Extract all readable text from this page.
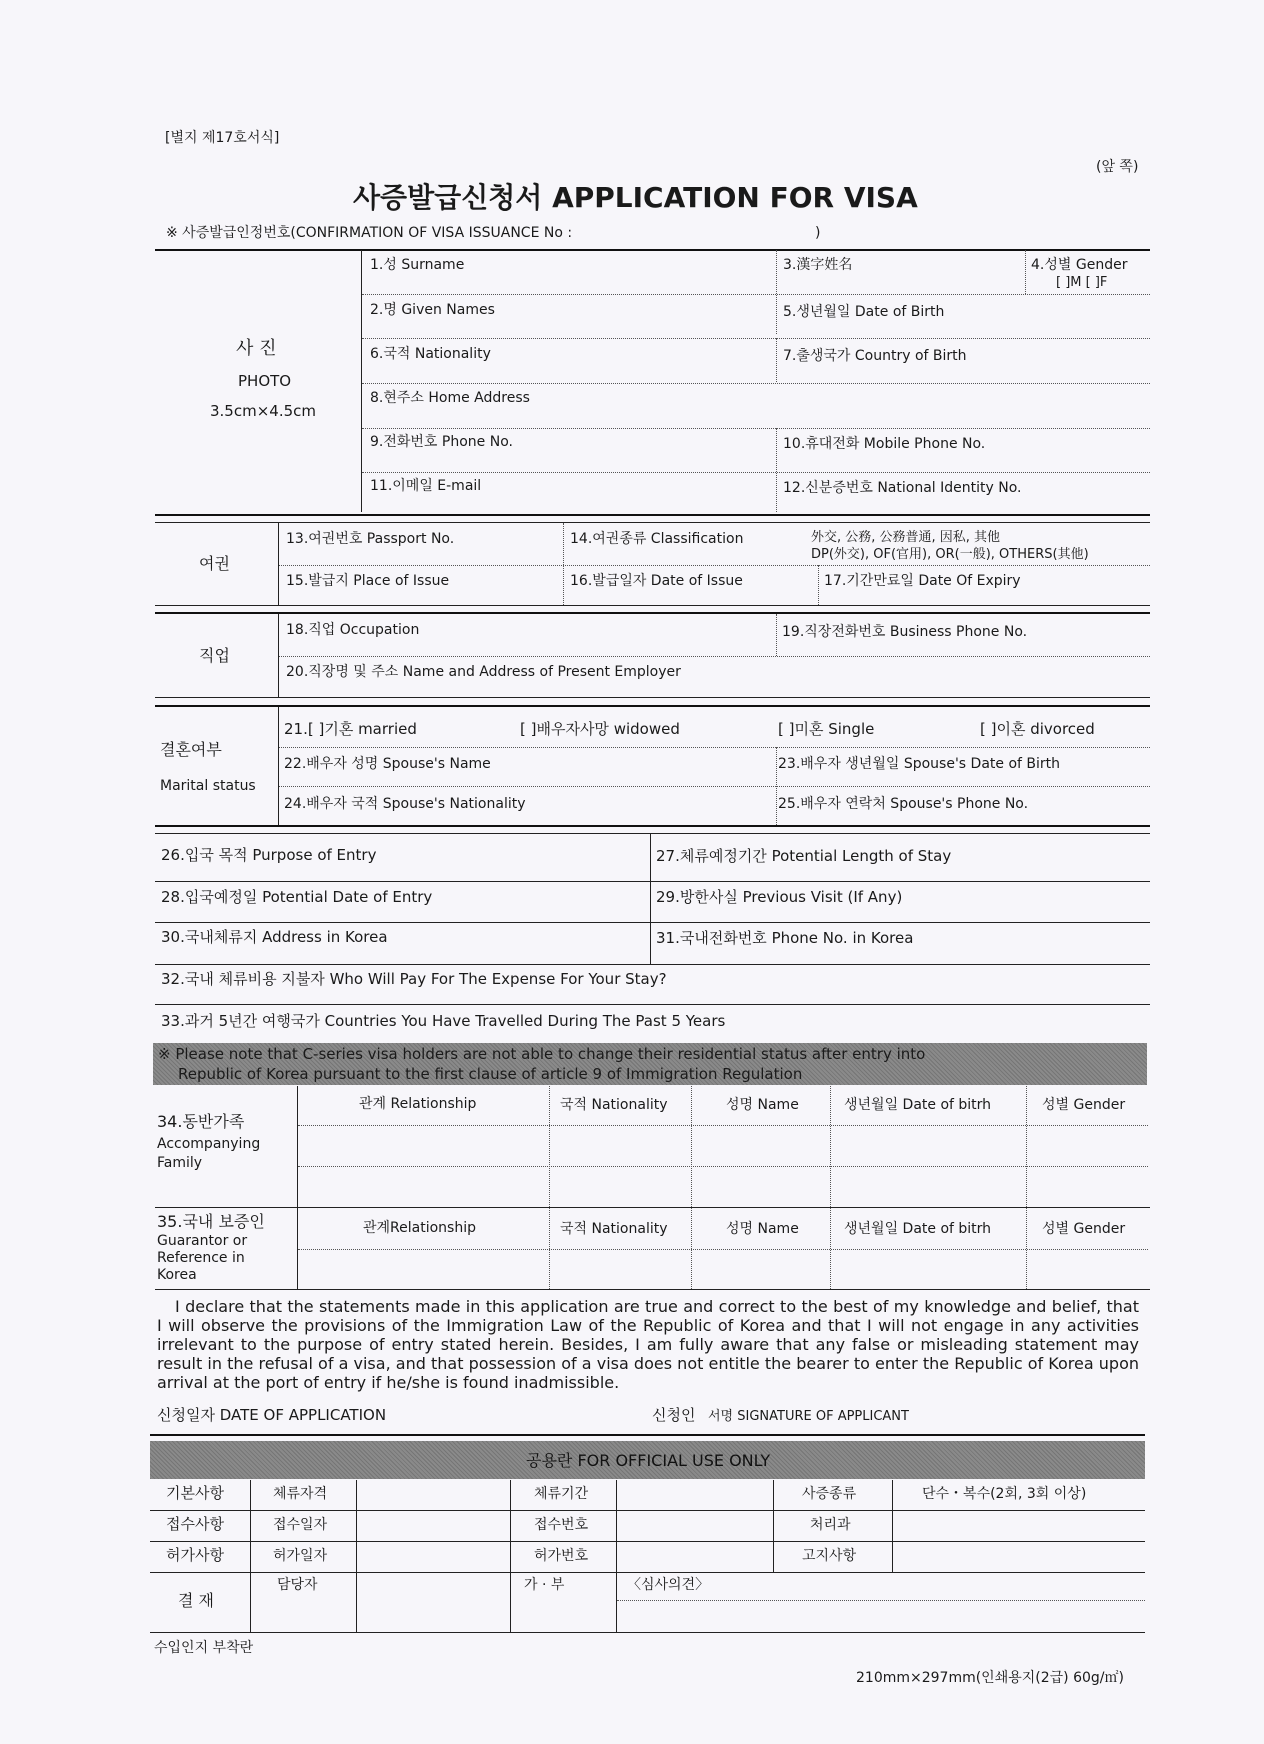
[별지 제17호서식]
(앞 쪽)
사증발급신청서 APPLICATION FOR VISA
※ 사증발급인정번호(CONFIRMATION OF VISA ISSUANCE No :	)
사 진
PHOTO
3.5cm×4.5cm
1.성 Surname	3.漢字姓名	4.성별 Gender
[ ]M [ ]F
2.명 Given Names	5.생년월일 Date of Birth
6.국적 Nationality	7.출생국가 Country of Birth
8.현주소 Home Address
9.전화번호 Phone No.	10.휴대전화 Mobile Phone No.
11.이메일 E-mail	12.신분증번호 National Identity No.
여권
13.여권번호 Passport No.	14.여권종류 Classification	外交, 公務, 公務普通, 因私, 其他
DP(外交), OF(官用), OR(一般), OTHERS(其他)
15.발급지 Place of Issue	16.발급일자 Date of Issue	17.기간만료일 Date Of Expiry
직업
18.직업 Occupation	19.직장전화번호 Business Phone No.
20.직장명 및 주소 Name and Address of Present Employer
결혼여부
Marital status
21.[ ]기혼 married	[ ]배우자사망 widowed	[ ]미혼 Single	[ ]이혼 divorced
22.배우자 성명 Spouse's Name	23.배우자 생년월일 Spouse's Date of Birth
24.배우자 국적 Spouse's Nationality	25.배우자 연락처 Spouse's Phone No.
26.입국 목적 Purpose of Entry	27.체류예정기간 Potential Length of Stay
28.입국예정일 Potential Date of Entry	29.방한사실 Previous Visit (If Any)
30.국내체류지 Address in Korea	31.국내전화번호 Phone No. in Korea
32.국내 체류비용 지불자 Who Will Pay For The Expense For Your Stay?
33.과거 5년간 여행국가 Countries You Have Travelled During The Past 5 Years
※ Please note that C-series visa holders are not able to change their residential status after entry into
Republic of Korea pursuant to the first clause of article 9 of Immigration Regulation
34.동반가족
Accompanying
Family
관계 Relationship	국적 Nationality	성명 Name	생년월일 Date of bitrh	성별 Gender
35.국내 보증인
Guarantor or
Reference in
Korea
관계Relationship	국적 Nationality	성명 Name	생년월일 Date of bitrh	성별 Gender
I declare that the statements made in this application are true and correct to the best of my knowledge and belief, that I will observe the provisions of the Immigration Law of the Republic of Korea and that I will not engage in any activities irrelevant to the purpose of entry stated herein. Besides, I am fully aware that any false or misleading statement may result in the refusal of a visa, and that possession of a visa does not entitle the bearer to enter the Republic of Korea upon arrival at the port of entry if he/she is found inadmissible.
신청일자 DATE OF APPLICATION	신청인 서명 SIGNATURE OF APPLICANT
공용란 FOR OFFICIAL USE ONLY
기본사항	체류자격	체류기간	사증종류	단수・복수(2회, 3회 이상)
접수사항	접수일자	접수번호	처리과
허가사항	허가일자	허가번호	고지사항
결 재
담당자	가 · 부	〈심사의견〉
수입인지 부착란
210mm×297mm(인쇄용지(2급) 60g/㎡)
